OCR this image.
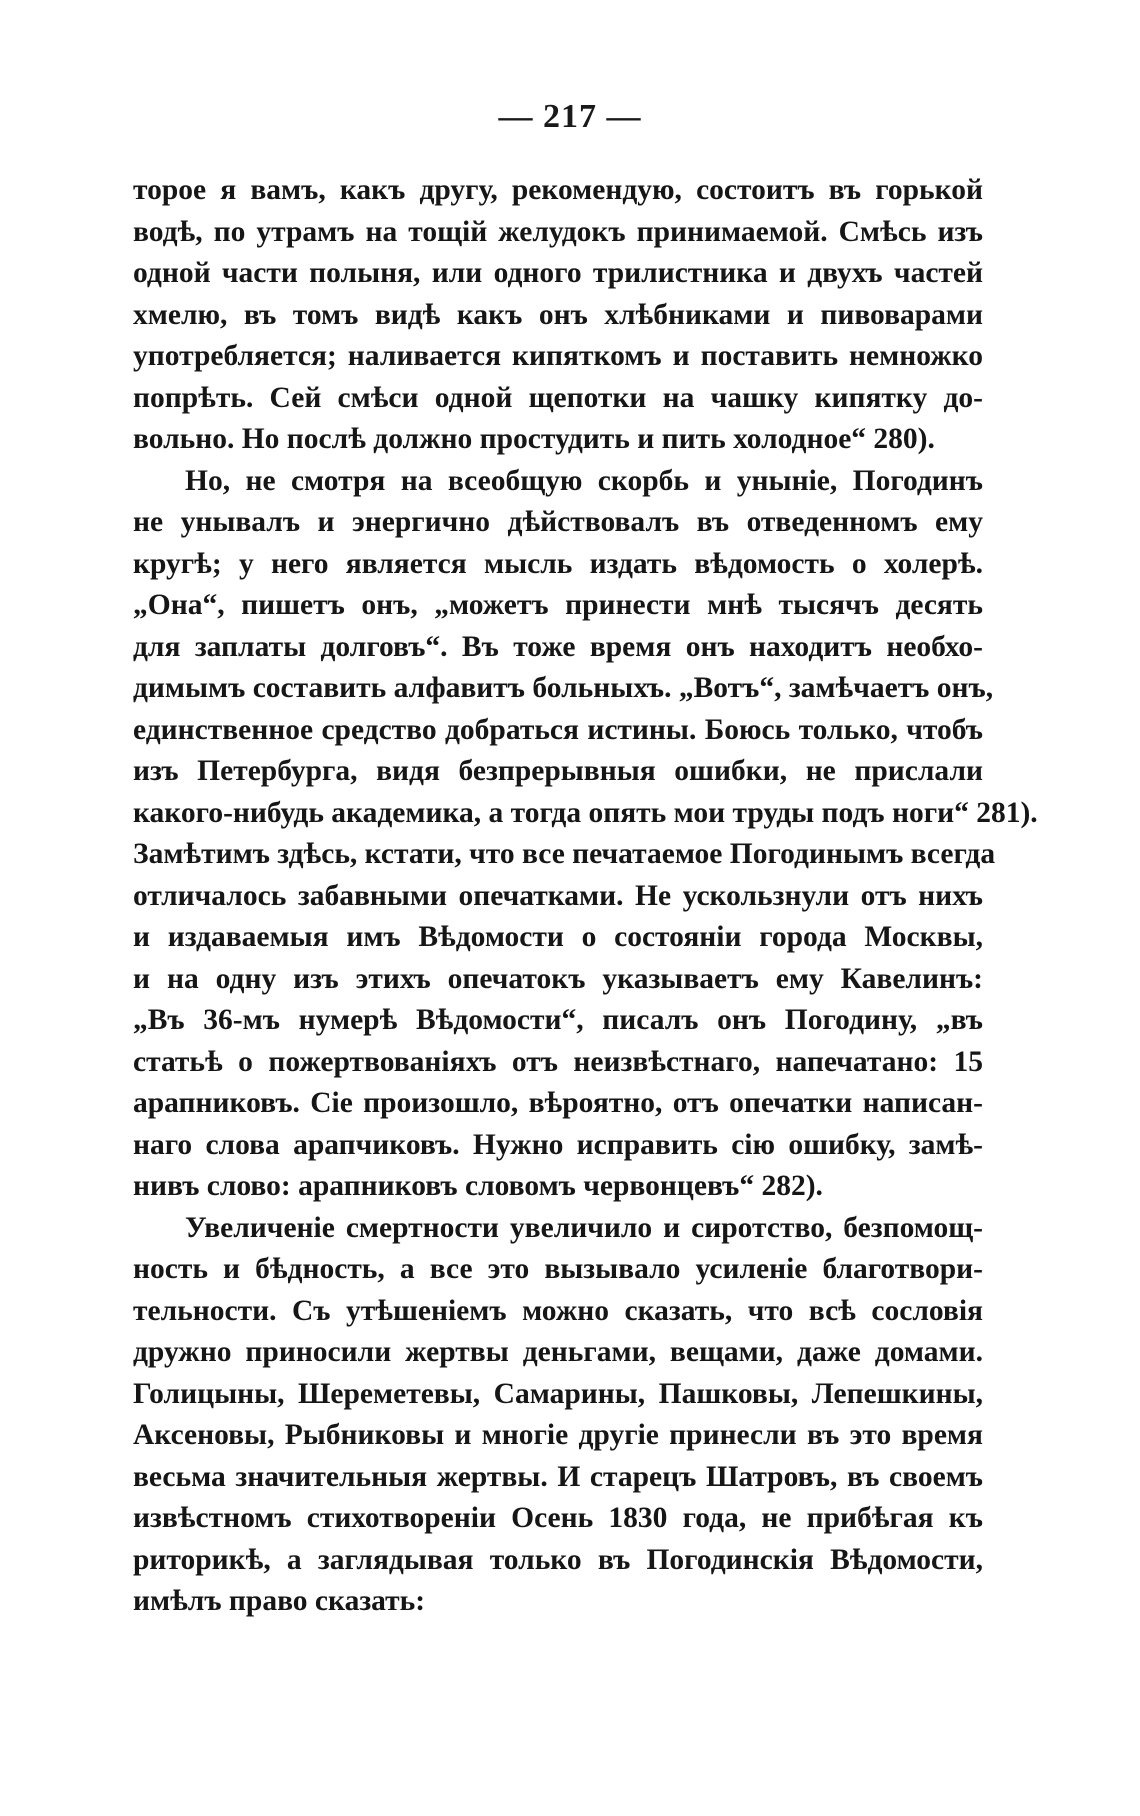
— 217 —
торое я вамъ, какъ другу, рекомендую, состоитъ въ горькой
водѣ, по утрамъ на тощій желудокъ принимаемой. Смѣсь изъ
одной части полыня, или одного трилистника и двухъ частей
хмелю, въ томъ видѣ какъ онъ хлѣбниками и пивоварами
употребляется; наливается кипяткомъ и поставить немножко
попрѣть. Сей смѣси одной щепотки на чашку кипятку до-
вольно. Но послѣ должно простудить и пить холодное“ 280).
Но, не смотря на всеобщую скорбь и уныніе, Погодинъ
не унывалъ и энергично дѣйствовалъ въ отведенномъ ему
кругѣ; у него является мысль издать вѣдомость о холерѣ.
„Она“, пишетъ онъ, „можетъ принести мнѣ тысячъ десять
для заплаты долговъ“. Въ тоже время онъ находитъ необхо-
димымъ составить алфавитъ больныхъ. „Вотъ“, замѣчаетъ онъ,
единственное средство добраться истины. Боюсь только, чтобъ
изъ Петербурга, видя безпрерывныя ошибки, не прислали
какого-нибудь академика, а тогда опять мои труды подъ ноги“ 281).
Замѣтимъ здѣсь, кстати, что все печатаемое Погодинымъ всегда
отличалось забавными опечатками. Не ускользнули отъ нихъ
и издаваемыя имъ Вѣдомости о состояніи города Москвы,
и на одну изъ этихъ опечатокъ указываетъ ему Кавелинъ:
„Въ 36-мъ нумерѣ Вѣдомости“, писалъ онъ Погодину, „въ
статьѣ о пожертвованіяхъ отъ неизвѣстнаго, напечатано: 15
арапниковъ. Сіе произошло, вѣроятно, отъ опечатки написан-
наго слова арапчиковъ. Нужно исправить сію ошибку, замѣ-
нивъ слово: арапниковъ словомъ червонцевъ“ 282).
Увеличеніе смертности увеличило и сиротство, безпомощ-
ность и бѣдность, а все это вызывало усиленіе благотвори-
тельности. Съ утѣшеніемъ можно сказать, что всѣ сословія
дружно приносили жертвы деньгами, вещами, даже домами.
Голицыны, Шереметевы, Самарины, Пашковы, Лепешкины,
Аксеновы, Рыбниковы и многіе другіе принесли въ это время
весьма значительныя жертвы. И старецъ Шатровъ, въ своемъ
извѣстномъ стихотвореніи Осень 1830 года, не прибѣгая къ
риторикѣ, а заглядывая только въ Погодинскія Вѣдомости,
имѣлъ право сказать:
